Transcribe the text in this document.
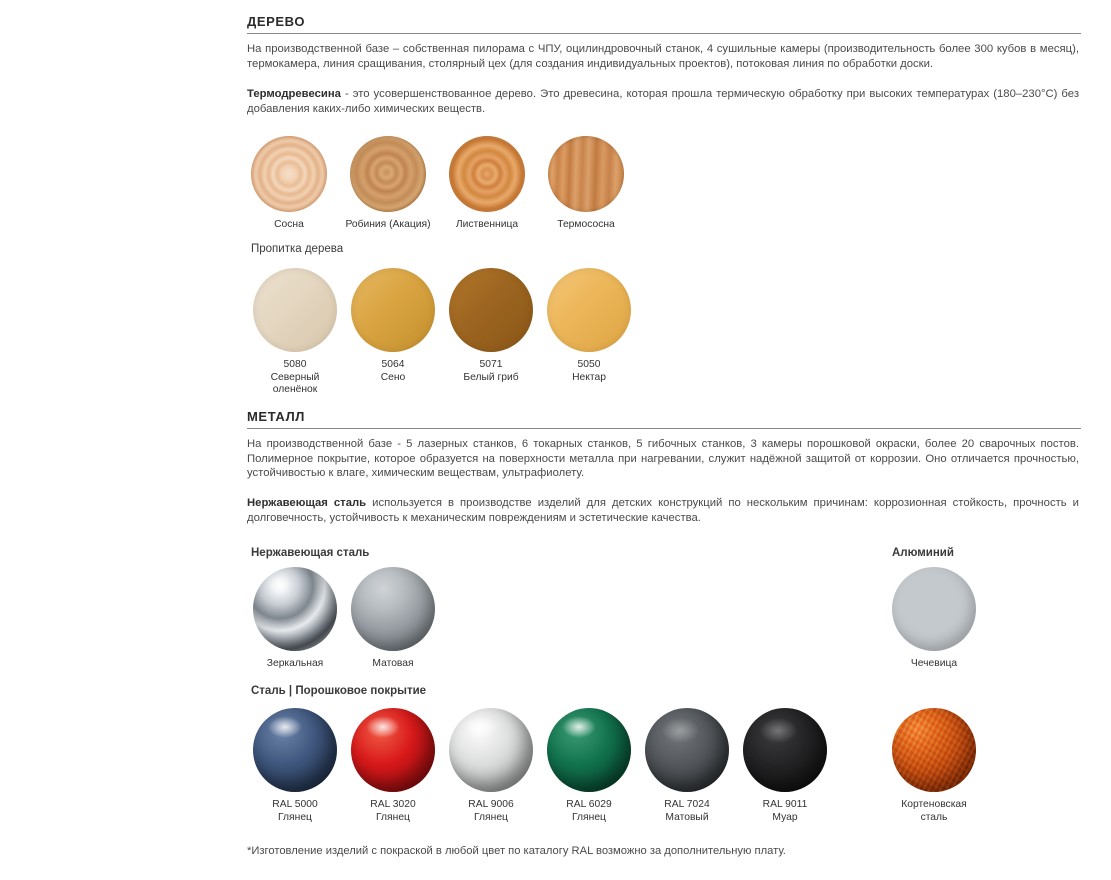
ДЕРЕВО
На производственной базе – собственная пилорама с ЧПУ, оцилиндровочный станок, 4 сушильные камеры (производительность более 300 кубов в месяц), термокамера, линия сращивания, столярный цех (для создания индивидуальных проектов), потоковая линия по обработки доски.
Термодревесина - это усовершенствованное дерево. Это древесина, которая прошла термическую обработку при высоких температурах (180–230°C) без добавления каких-либо химических веществ.
Сосна	Робиния (Акация)	Лиственница	Термососна
Пропитка дерева
5080
Северный
оленёнок
5064
Сено
5071
Белый гриб
5050
Нектар
МЕТАЛЛ
На производственной базе - 5 лазерных станков, 6 токарных станков, 5 гибочных станков, 3 камеры порошковой окраски, более 20 сварочных постов. Полимерное покрытие, которое образуется на поверхности металла при нагревании, служит надёжной защитой от коррозии. Оно отличается прочностью, устойчивостью к влаге, химическим веществам, ультрафиолету.
Нержавеющая сталь используется в производстве изделий для детских конструкций по нескольким причинам: коррозионная стойкость, прочность и долговечность, устойчивость к механическим повреждениям и эстетические качества.
Нержавеющая сталь	Алюминий
Зеркальная	Матовая	Чечевица
Сталь | Порошковое покрытие
RAL 5000
Глянец
RAL 3020
Глянец
RAL 9006
Глянец
RAL 6029
Глянец
RAL 7024
Матовый
RAL 9011
Муар
Кортеновская
сталь
*Изготовление изделий с покраской в любой цвет по каталогу RAL возможно за дополнительную плату.
